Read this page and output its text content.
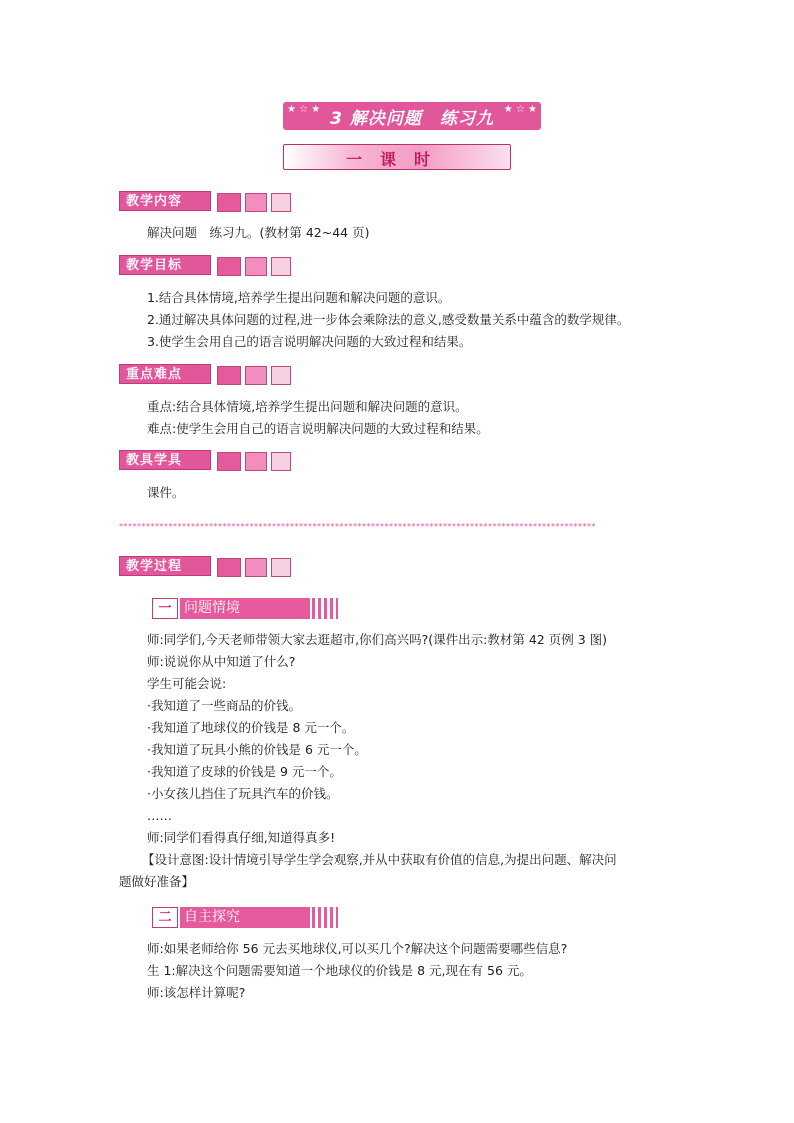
★ ☆ ★ 3 解决问题　练习九 ★ ☆ ★
一课时
教学内容
解决问题　练习九。(教材第 42~44 页)
教学目标
1.结合具体情境,培养学生提出问题和解决问题的意识。
2.通过解决具体问题的过程,进一步体会乘除法的意义,感受数量关系中蕴含的数学规律。
3.使学生会用自己的语言说明解决问题的大致过程和结果。
重点难点
重点:结合具体情境,培养学生提出问题和解决问题的意识。
难点:使学生会用自己的语言说明解决问题的大致过程和结果。
教具学具
课件。
**********************************************************************************************************
教学过程
一 问题情境
师:同学们,今天老师带领大家去逛超市,你们高兴吗?(课件出示:教材第 42 页例 3 图)
师:说说你从中知道了什么?
学生可能会说:
·我知道了一些商品的价钱。
·我知道了地球仪的价钱是 8 元一个。
·我知道了玩具小熊的价钱是 6 元一个。
·我知道了皮球的价钱是 9 元一个。
·小女孩儿挡住了玩具汽车的价钱。
……
师:同学们看得真仔细,知道得真多!
【设计意图:设计情境引导学生学会观察,并从中获取有价值的信息,为提出问题、解决问
题做好准备】
二 自主探究
师:如果老师给你 56 元去买地球仪,可以买几个?解决这个问题需要哪些信息?
生 1:解决这个问题需要知道一个地球仪的价钱是 8 元,现在有 56 元。
师:该怎样计算呢?
